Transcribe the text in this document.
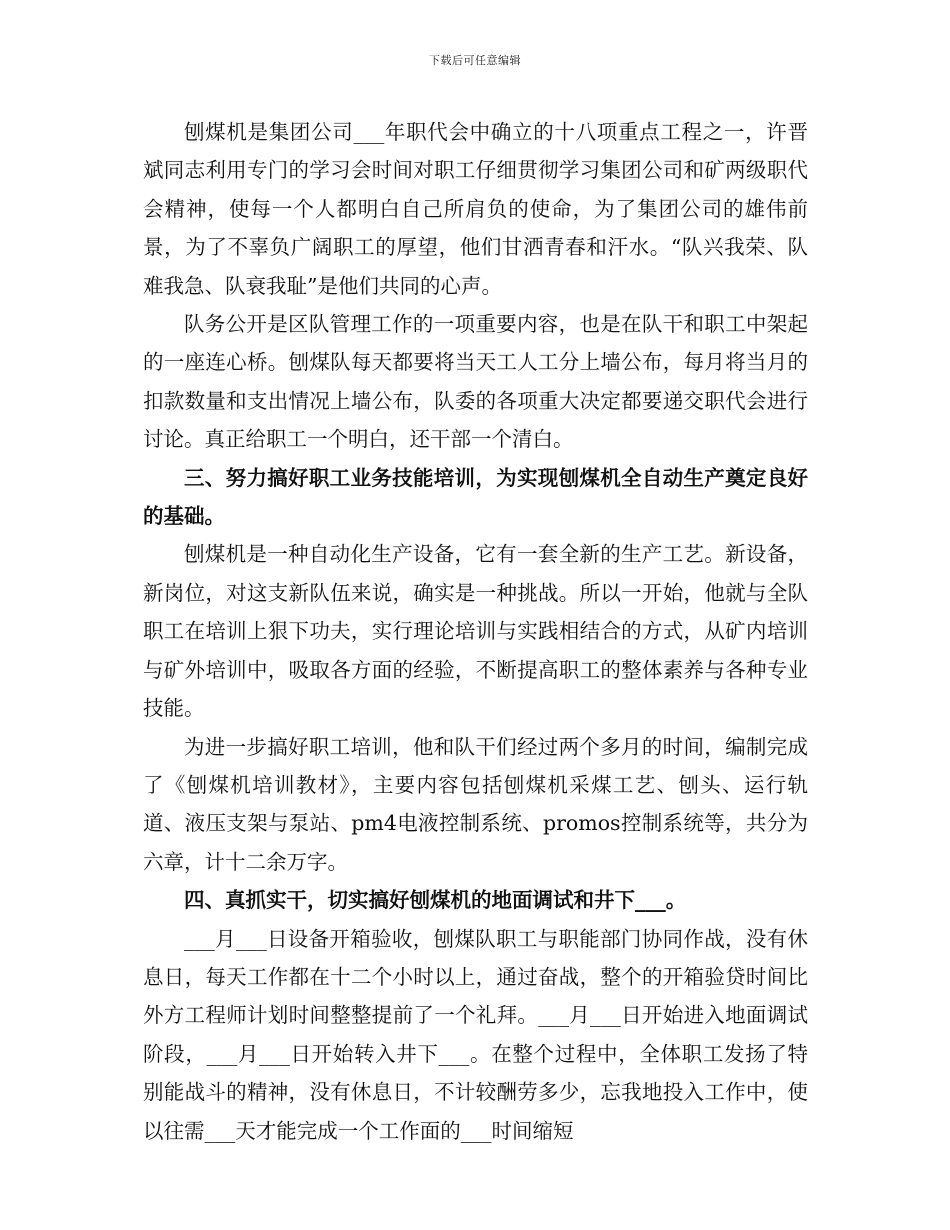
下载后可任意编辑

刨煤机是集团公司___年职代会中确立的十八项重点工程之一，许晋斌同志利用专门的学习会时间对职工仔细贯彻学习集团公司和矿两级职代会精神，使每一个人都明白自己所肩负的使命，为了集团公司的雄伟前景，为了不辜负广阔职工的厚望，他们甘洒青春和汗水。“队兴我荣、队难我急、队衰我耻”是他们共同的心声。

队务公开是区队管理工作的一项重要内容，也是在队干和职工中架起的一座连心桥。刨煤队每天都要将当天工人工分上墙公布，每月将当月的扣款数量和支出情况上墙公布，队委的各项重大决定都要递交职代会进行讨论。真正给职工一个明白，还干部一个清白。

三、努力搞好职工业务技能培训，为实现刨煤机全自动生产奠定良好的基础。

刨煤机是一种自动化生产设备，它有一套全新的生产工艺。新设备，新岗位，对这支新队伍来说，确实是一种挑战。所以一开始，他就与全队职工在培训上狠下功夫，实行理论培训与实践相结合的方式，从矿内培训与矿外培训中，吸取各方面的经验，不断提高职工的整体素养与各种专业技能。

为进一步搞好职工培训，他和队干们经过两个多月的时间，编制完成了《刨煤机培训教材》，主要内容包括刨煤机采煤工艺、刨头、运行轨道、液压支架与泵站、pm4电液控制系统、promos控制系统等，共分为六章，计十二余万字。

四、真抓实干，切实搞好刨煤机的地面调试和井下___。

___月___日设备开箱验收，刨煤队职工与职能部门协同作战，没有休息日，每天工作都在十二个小时以上，通过奋战，整个的开箱验贷时间比外方工程师计划时间整整提前了一个礼拜。___月___日开始进入地面调试阶段，___月___日开始转入井下___。在整个过程中，全体职工发扬了特别能战斗的精神，没有休息日，不计较酬劳多少，忘我地投入工作中，使以往需___天才能完成一个工作面的___时间缩短
